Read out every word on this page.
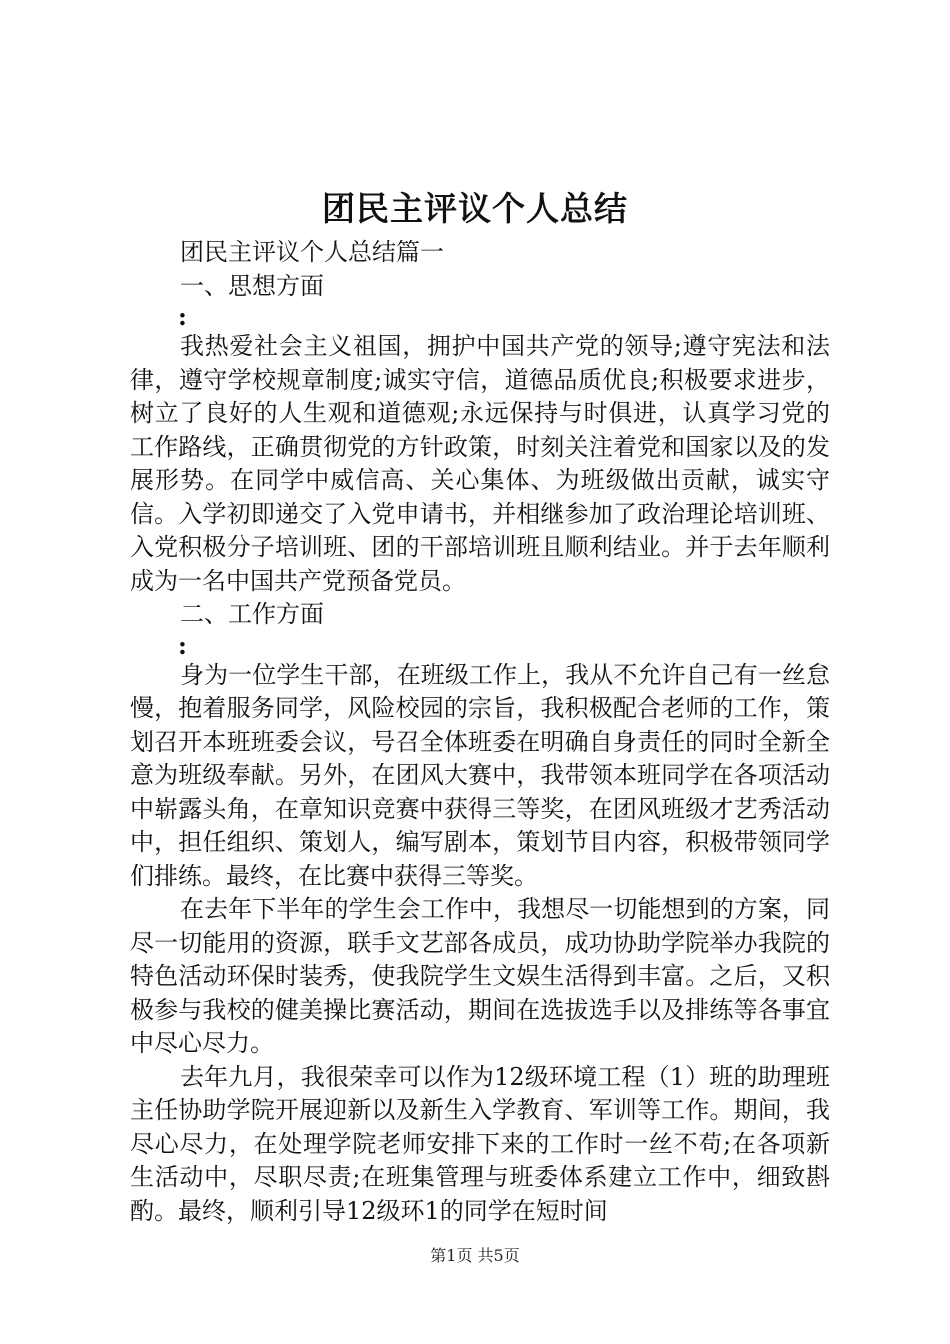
团民主评议个人总结

团民主评议个人总结篇一

一、思想方面

:

我热爱社会主义祖国，拥护中国共产党的领导;遵守宪法和法律，遵守学校规章制度;诚实守信，道德品质优良;积极要求进步，树立了良好的人生观和道德观;永远保持与时俱进，认真学习党的工作路线，正确贯彻党的方针政策，时刻关注着党和国家以及的发展形势。在同学中威信高、关心集体、为班级做出贡献，诚实守信。入学初即递交了入党申请书，并相继参加了政治理论培训班、入党积极分子培训班、团的干部培训班且顺利结业。并于去年顺利成为一名中国共产党预备党员。

二、工作方面

:

身为一位学生干部，在班级工作上，我从不允许自己有一丝怠慢，抱着服务同学，风险校园的宗旨，我积极配合老师的工作，策划召开本班班委会议，号召全体班委在明确自身责任的同时全新全意为班级奉献。另外，在团风大赛中，我带领本班同学在各项活动中崭露头角，在章知识竞赛中获得三等奖，在团风班级才艺秀活动中，担任组织、策划人，编写剧本，策划节目内容，积极带领同学们排练。最终，在比赛中获得三等奖。

在去年下半年的学生会工作中，我想尽一切能想到的方案，同尽一切能用的资源，联手文艺部各成员，成功协助学院举办我院的特色活动环保时装秀，使我院学生文娱生活得到丰富。之后，又积极参与我校的健美操比赛活动，期间在选拔选手以及排练等各事宜中尽心尽力。

去年九月，我很荣幸可以作为12级环境工程（1）班的助理班主任协助学院开展迎新以及新生入学教育、军训等工作。期间，我尽心尽力，在处理学院老师安排下来的工作时一丝不苟;在各项新生活动中，尽职尽责;在班集管理与班委体系建立工作中，细致斟酌。最终，顺利引导12级环1的同学在短时间

第1页 共5页
